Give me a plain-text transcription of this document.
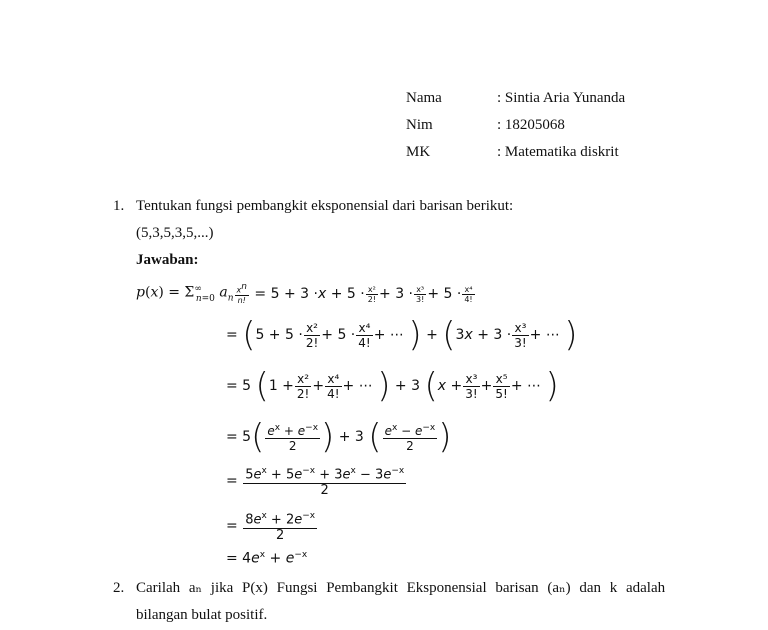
Nama	: Sintia Aria Yunanda
Nim	: 18205068
MK	: Matematika diskrit
1. Tentukan fungsi pembangkit eksponensial dari barisan berikut:
(5,3,5,3,5,...)
Jawaban:
$p(x) = \Sigma^\infty_{n=0}$ $a_n \frac{x^n}{n!} = 5 + 3 \cdot x + 5 \cdot \frac{\text{x²}}{2!} + 3 \cdot \frac{\text{x³}}{3!} + 5 \cdot \frac{\text{x⁴}}{4!}$
= ( $5 + 5 \cdot \frac{\text{x²}}{2!} + 5 \cdot \frac{\text{x⁴}}{4!}$ + ⋯ ) + ( 3 $x + 3 \cdot \frac{\text{x³}}{3!}$ + ⋯ )
= 5 ( $1 + \frac{\text{x²}}{2!} + \frac{\text{x⁴}}{4!}$ + ⋯ ) + 3 ( $x + \frac{\text{x³}}{3!} + \frac{\text{x⁵}}{5!}$ + ⋯ )
= 5 ( $\frac{e^x + e^{-x}}{2}$ ) + 3 ( $\frac{e^x - e^{-x}}{2}$ )
= $\frac{5e^x + 5e^{-x} + 3e^x - 3e^{-x}}{2}$
= $\frac{8e^x + 2e^{-x}}{2}$
= $4e^x + e^{-x}$
2. Carilah aₙ jika P(x) Fungsi Pembangkit Eksponensial barisan (aₙ) dan k adalah
bilangan bulat positif.
